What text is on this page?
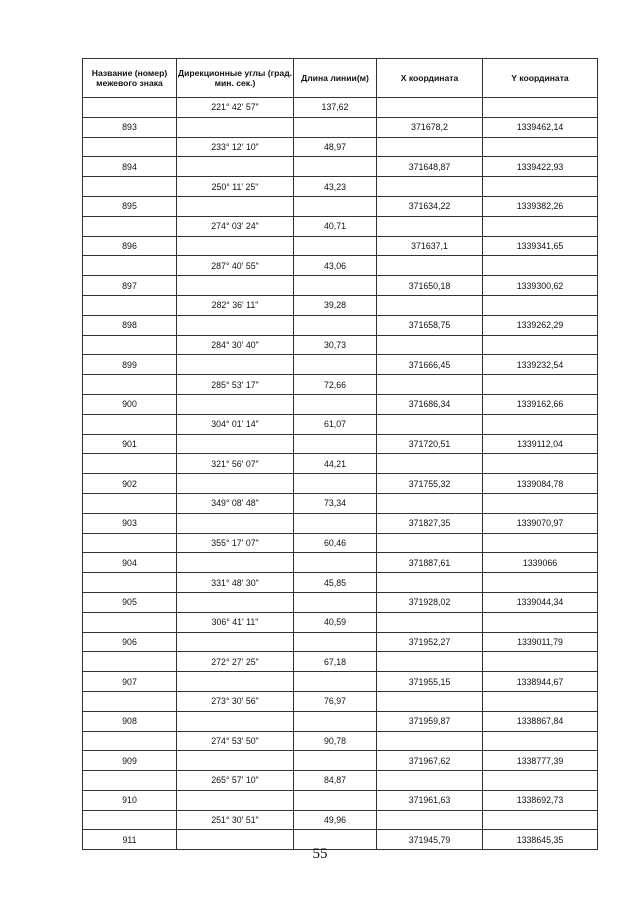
Название (номер) межевого знака	Дирекционные углы (град. мин. сек.)	Длина линии(м)	X координата	Y координата
	221° 42' 57"	137,62		
893			371678,2	1339462,14
	233° 12' 10"	48,97		
894			371648,87	1339422,93
	250° 11' 25"	43,23		
895			371634,22	1339382,26
	274° 03' 24"	40,71		
896			371637,1	1339341,65
	287° 40' 55"	43,06		
897			371650,18	1339300,62
	282° 36' 11"	39,28		
898			371658,75	1339262,29
	284° 30' 40"	30,73		
899			371666,45	1339232,54
	285° 53' 17"	72,66		
900			371686,34	1339162,66
	304° 01' 14"	61,07		
901			371720,51	1339112,04
	321° 56' 07"	44,21		
902			371755,32	1339084,78
	349° 08' 48"	73,34		
903			371827,35	1339070,97
	355° 17' 07"	60,46		
904			371887,61	1339066
	331° 48' 30"	45,85		
905			371928,02	1339044,34
	306° 41' 11"	40,59		
906			371952,27	1339011,79
	272° 27' 25"	67,18		
907			371955,15	1338944,67
	273° 30' 56"	76,97		
908			371959,87	1338867,84
	274° 53' 50"	90,78		
909			371967,62	1338777,39
	265° 57' 10"	84,87		
910			371961,63	1338692,73
	251° 30' 51"	49,96		
911			371945,79	1338645,35
55
